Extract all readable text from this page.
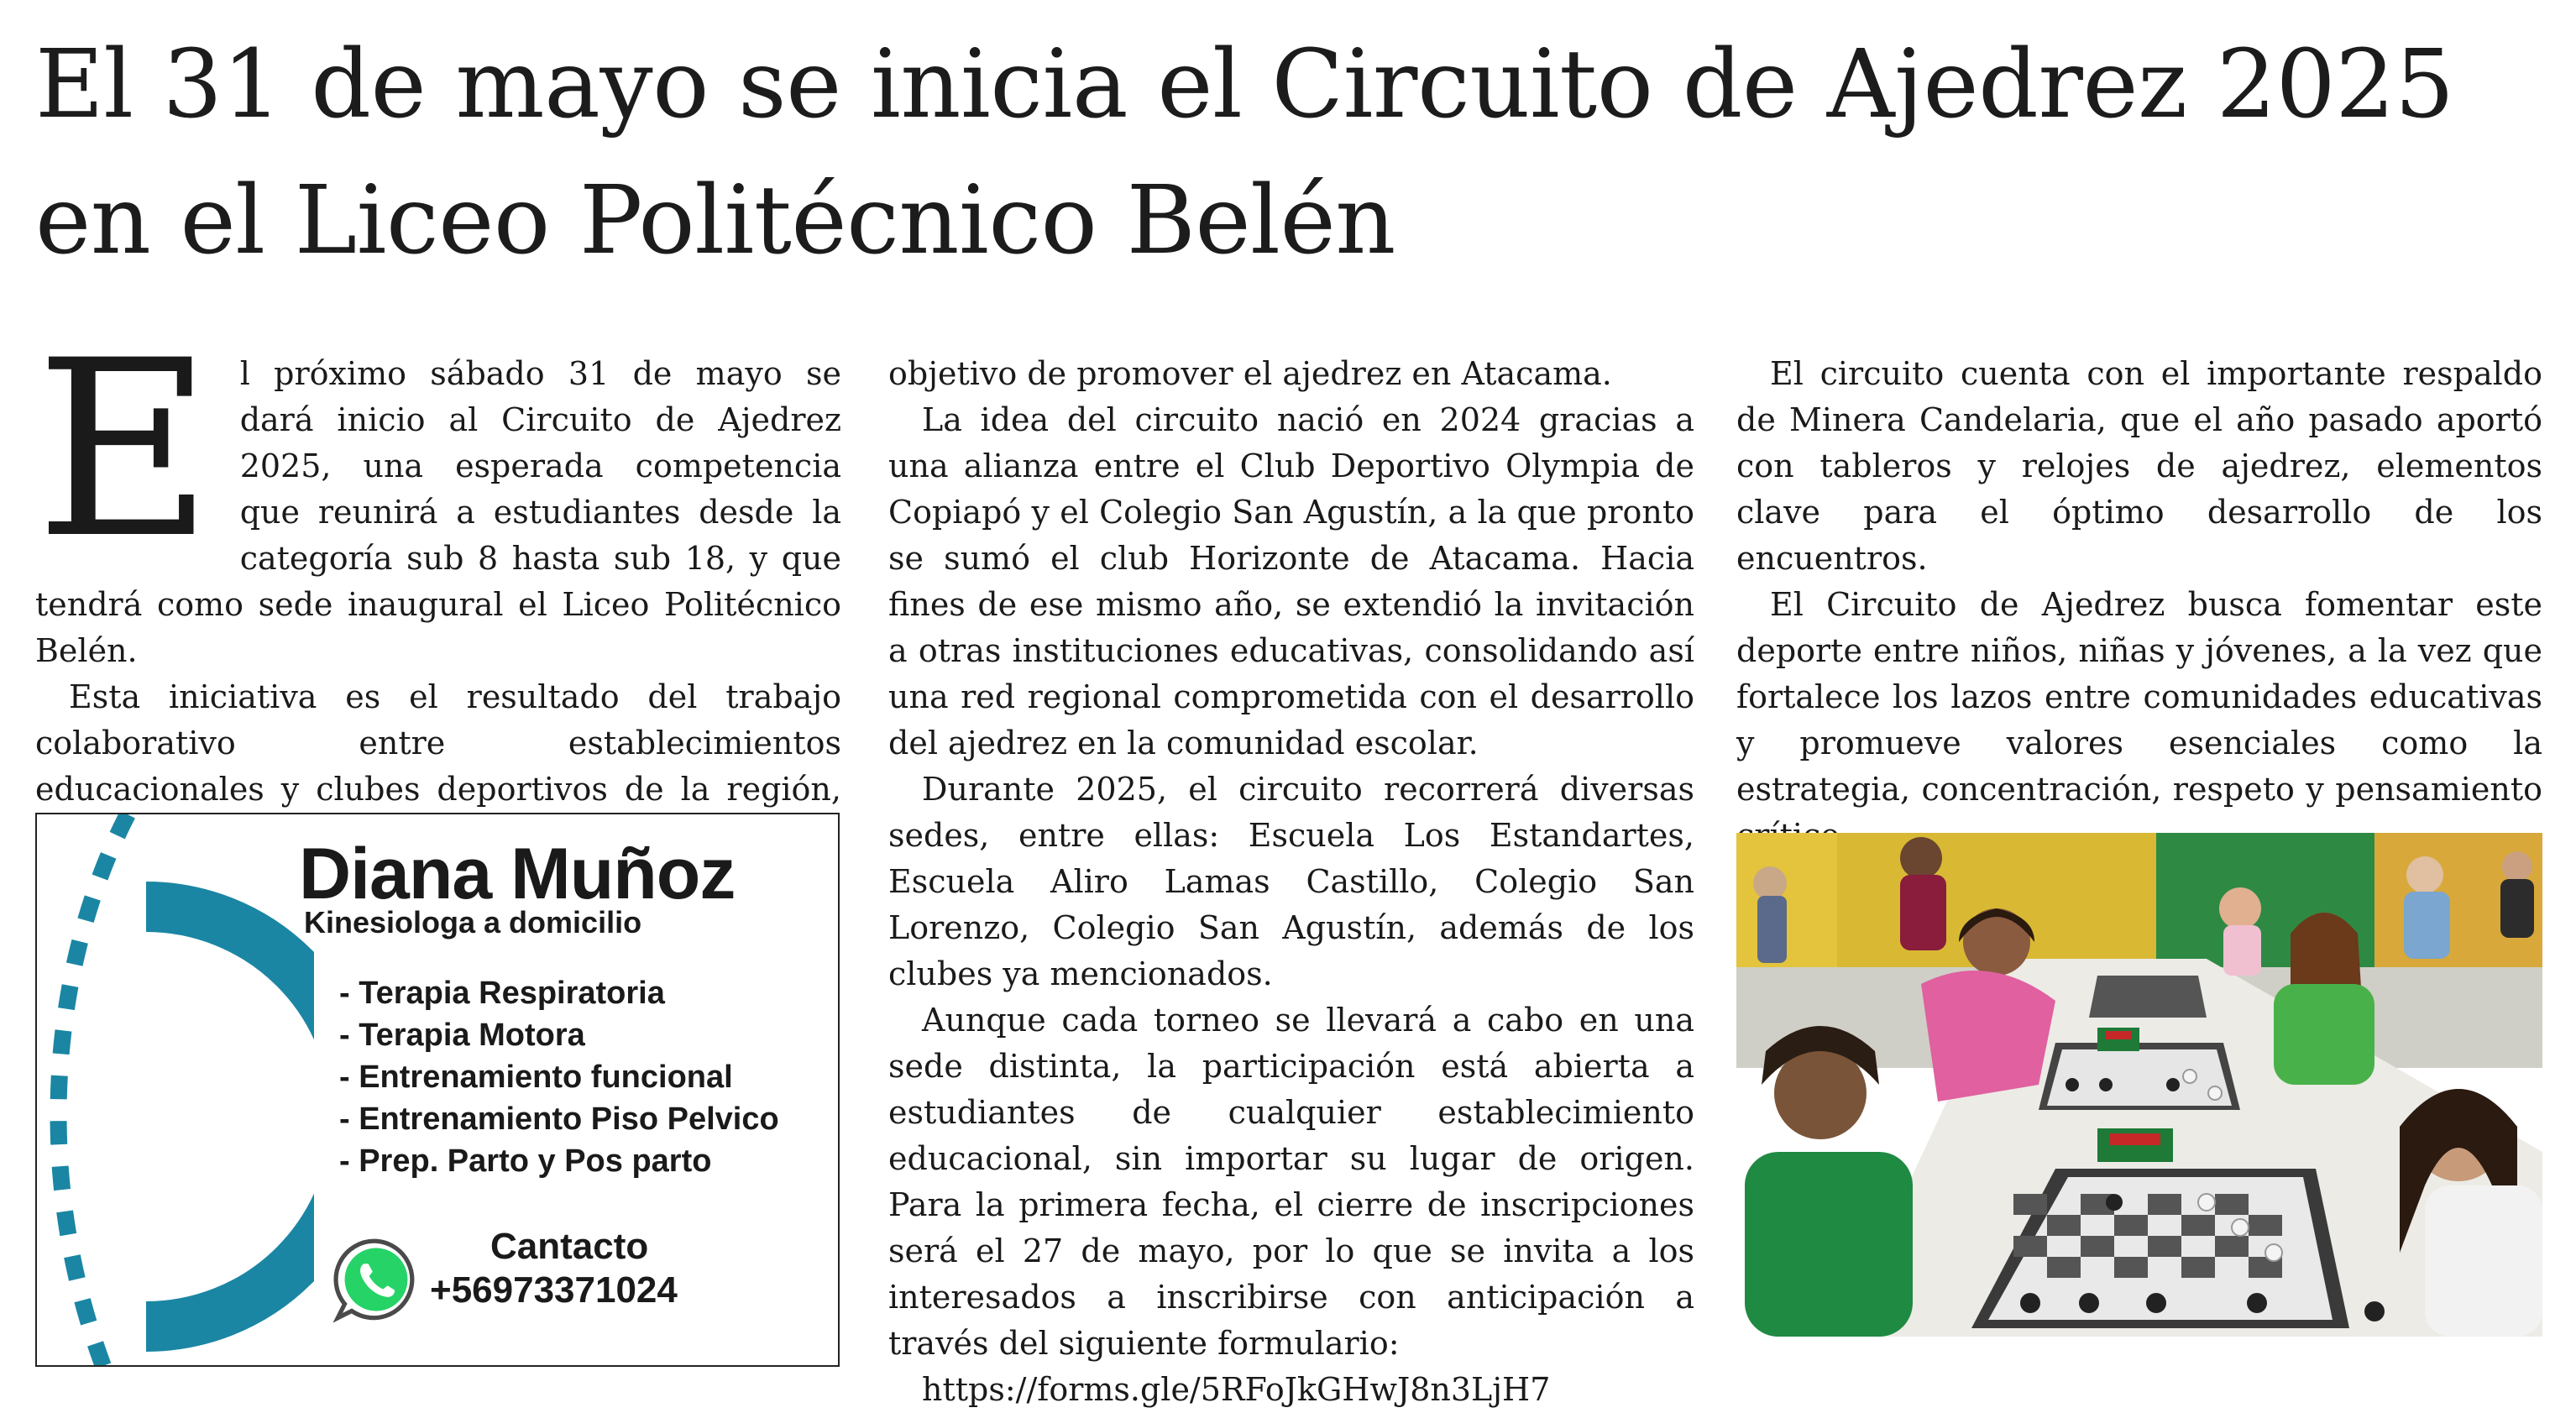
El 31 de mayo se inicia el Circuito de Ajedrez 2025 en el Liceo Politécnico Belén
E l próximo sábado 31 de mayo se dará inicio al Circuito de Ajedrez 2025, una esperada competencia que reunirá a estudiantes desde la categoría sub 8 hasta sub 18, y que tendrá como sede inaugural el Liceo Politécnico Belén.

Esta iniciativa es el resultado del trabajo colaborativo entre establecimientos educacionales y clubes deportivos de la región,

objetivo de promover el ajedrez en Atacama.

La idea del circuito nació en 2024 gracias a una alianza entre el Club Deportivo Olympia de Copiapó y el Colegio San Agustín, a la que pronto se sumó el club Horizonte de Atacama. Hacia fines de ese mismo año, se extendió la invitación a otras instituciones educativas, consolidando así una red regional comprometida con el desarrollo del ajedrez en la comunidad escolar.

Durante 2025, el circuito recorrerá diversas sedes, entre ellas: Escuela Los Estandartes, Escuela Aliro Lamas Castillo, Colegio San Lorenzo, Colegio San Agustín, además de los clubes ya mencionados.

Aunque cada torneo se llevará a cabo en una sede distinta, la participación está abierta a estudiantes de cualquier establecimiento educacional, sin importar su lugar de origen. Para la primera fecha, el cierre de inscripciones será el 27 de mayo, por lo que se invita a los interesados a inscribirse con anticipación a través del siguiente formulario:

https://forms.gle/5RFoJkGHwJ8n3LjH7

El circuito cuenta con el importante respaldo de Minera Candelaria, que el año pasado aportó con tableros y relojes de ajedrez, elementos clave para el óptimo desarrollo de los encuentros.

El Circuito de Ajedrez busca fomentar este deporte entre niños, niñas y jóvenes, a la vez que fortalece los lazos entre comunidades educativas y promueve valores esenciales como la estrategia, concentración, respeto y pensamiento

Diana Muñoz
Kinesiologa a domicilio
- Terapia Respiratoria
- Terapia Motora
- Entrenamiento funcional
- Entrenamiento Piso Pelvico
- Prep. Parto y Pos parto
Cantacto
+56973371024
